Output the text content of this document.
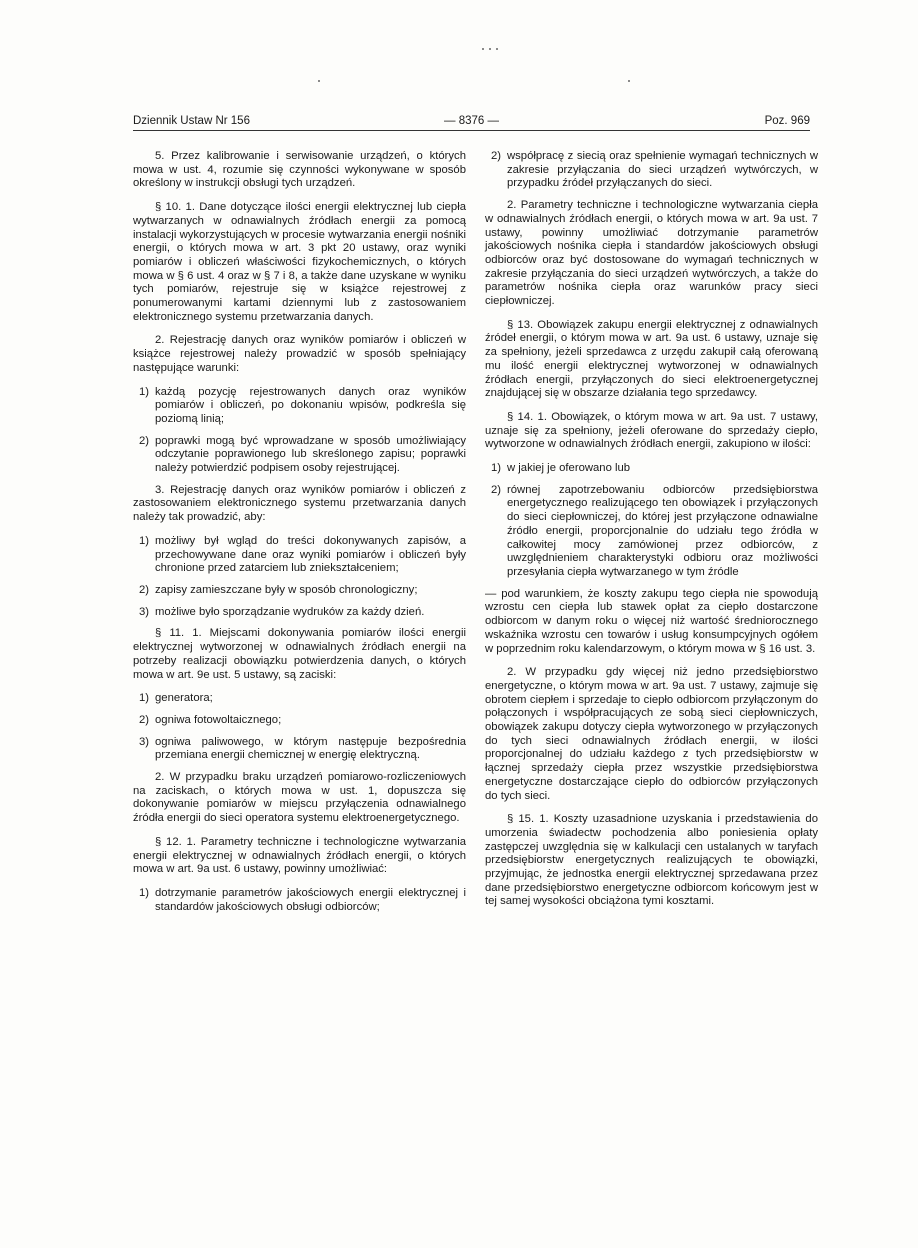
Dziennik Ustaw Nr 156	— 8376 —	Poz. 969

5. Przez kalibrowanie i serwisowanie urządzeń, o których mowa w ust. 4, rozumie się czynności wykonywane w sposób określony w instrukcji obsługi tych urządzeń.

§ 10. 1. Dane dotyczące ilości energii elektrycznej lub ciepła wytwarzanych w odnawialnych źródłach energii za pomocą instalacji wykorzystujących w procesie wytwarzania energii nośniki energii, o których mowa w art. 3 pkt 20 ustawy, oraz wyniki pomiarów i obliczeń właściwości fizykochemicznych, o których mowa w § 6 ust. 4 oraz w § 7 i 8, a także dane uzyskane w wyniku tych pomiarów, rejestruje się w książce rejestrowej z ponumerowanymi kartami dziennymi lub z zastosowaniem elektronicznego systemu przetwarzania danych.

2. Rejestrację danych oraz wyników pomiarów i obliczeń w książce rejestrowej należy prowadzić w sposób spełniający następujące warunki:

1) każdą pozycję rejestrowanych danych oraz wyników pomiarów i obliczeń, po dokonaniu wpisów, podkreśla się poziomą linią;
2) poprawki mogą być wprowadzane w sposób umożliwiający odczytanie poprawionego lub skreślonego zapisu; poprawki należy potwierdzić podpisem osoby rejestrującej.

3. Rejestrację danych oraz wyników pomiarów i obliczeń z zastosowaniem elektronicznego systemu przetwarzania danych należy tak prowadzić, aby:

1) możliwy był wgląd do treści dokonywanych zapisów, a przechowywane dane oraz wyniki pomiarów i obliczeń były chronione przed zatarciem lub zniekształceniem;
2) zapisy zamieszczane były w sposób chronologiczny;
3) możliwe było sporządzanie wydruków za każdy dzień.

§ 11. 1. Miejscami dokonywania pomiarów ilości energii elektrycznej wytworzonej w odnawialnych źródłach energii na potrzeby realizacji obowiązku potwierdzenia danych, o których mowa w art. 9e ust. 5 ustawy, są zaciski:

1) generatora;
2) ogniwa fotowoltaicznego;
3) ogniwa paliwowego, w którym następuje bezpośrednia przemiana energii chemicznej w energię elektryczną.

2. W przypadku braku urządzeń pomiarowo-rozliczeniowych na zaciskach, o których mowa w ust. 1, dopuszcza się dokonywanie pomiarów w miejscu przyłączenia odnawialnego źródła energii do sieci operatora systemu elektroenergetycznego.

§ 12. 1. Parametry techniczne i technologiczne wytwarzania energii elektrycznej w odnawialnych źródłach energii, o których mowa w art. 9a ust. 6 ustawy, powinny umożliwiać:

1) dotrzymanie parametrów jakościowych energii elektrycznej i standardów jakościowych obsługi odbiorców;
2) współpracę z siecią oraz spełnienie wymagań technicznych w zakresie przyłączania do sieci urządzeń wytwórczych, w przypadku źródeł przyłączanych do sieci.

2. Parametry techniczne i technologiczne wytwarzania ciepła w odnawialnych źródłach energii, o których mowa w art. 9a ust. 7 ustawy, powinny umożliwiać dotrzymanie parametrów jakościowych nośnika ciepła i standardów jakościowych obsługi odbiorców oraz być dostosowane do wymagań technicznych w zakresie przyłączania do sieci urządzeń wytwórczych, a także do parametrów nośnika ciepła oraz warunków pracy sieci ciepłowniczej.

§ 13. Obowiązek zakupu energii elektrycznej z odnawialnych źródeł energii, o którym mowa w art. 9a ust. 6 ustawy, uznaje się za spełniony, jeżeli sprzedawca z urzędu zakupił całą oferowaną mu ilość energii elektrycznej wytworzonej w odnawialnych źródłach energii, przyłączonych do sieci elektroenergetycznej znajdującej się w obszarze działania tego sprzedawcy.

§ 14. 1. Obowiązek, o którym mowa w art. 9a ust. 7 ustawy, uznaje się za spełniony, jeżeli oferowane do sprzedaży ciepło, wytworzone w odnawialnych źródłach energii, zakupiono w ilości:

1) w jakiej je oferowano lub
2) równej zapotrzebowaniu odbiorców przedsiębiorstwa energetycznego realizującego ten obowiązek i przyłączonych do sieci ciepłowniczej, do której jest przyłączone odnawialne źródło energii, proporcjonalnie do udziału tego źródła w całkowitej mocy zamówionej przez odbiorców, z uwzględnieniem charakterystyki odbioru oraz możliwości przesyłania ciepła wytwarzanego w tym źródle

— pod warunkiem, że koszty zakupu tego ciepła nie spowodują wzrostu cen ciepła lub stawek opłat za ciepło dostarczone odbiorcom w danym roku o więcej niż wartość średniorocznego wskaźnika wzrostu cen towarów i usług konsumpcyjnych ogółem w poprzednim roku kalendarzowym, o którym mowa w § 16 ust. 3.

2. W przypadku gdy więcej niż jedno przedsiębiorstwo energetyczne, o którym mowa w art. 9a ust. 7 ustawy, zajmuje się obrotem ciepłem i sprzedaje to ciepło odbiorcom przyłączonym do połączonych i współpracujących ze sobą sieci ciepłowniczych, obowiązek zakupu dotyczy ciepła wytworzonego w przyłączonych do tych sieci odnawialnych źródłach energii, w ilości proporcjonalnej do udziału każdego z tych przedsiębiorstw w łącznej sprzedaży ciepła przez wszystkie przedsiębiorstwa energetyczne dostarczające ciepło do odbiorców przyłączonych do tych sieci.

§ 15. 1. Koszty uzasadnione uzyskania i przedstawienia do umorzenia świadectw pochodzenia albo poniesienia opłaty zastępczej uwzględnia się w kalkulacji cen ustalanych w taryfach przedsiębiorstw energetycznych realizujących te obowiązki, przyjmując, że jednostka energii elektrycznej sprzedawana przez dane przedsiębiorstwo energetyczne odbiorcom końcowym jest w tej samej wysokości obciążona tymi kosztami.
